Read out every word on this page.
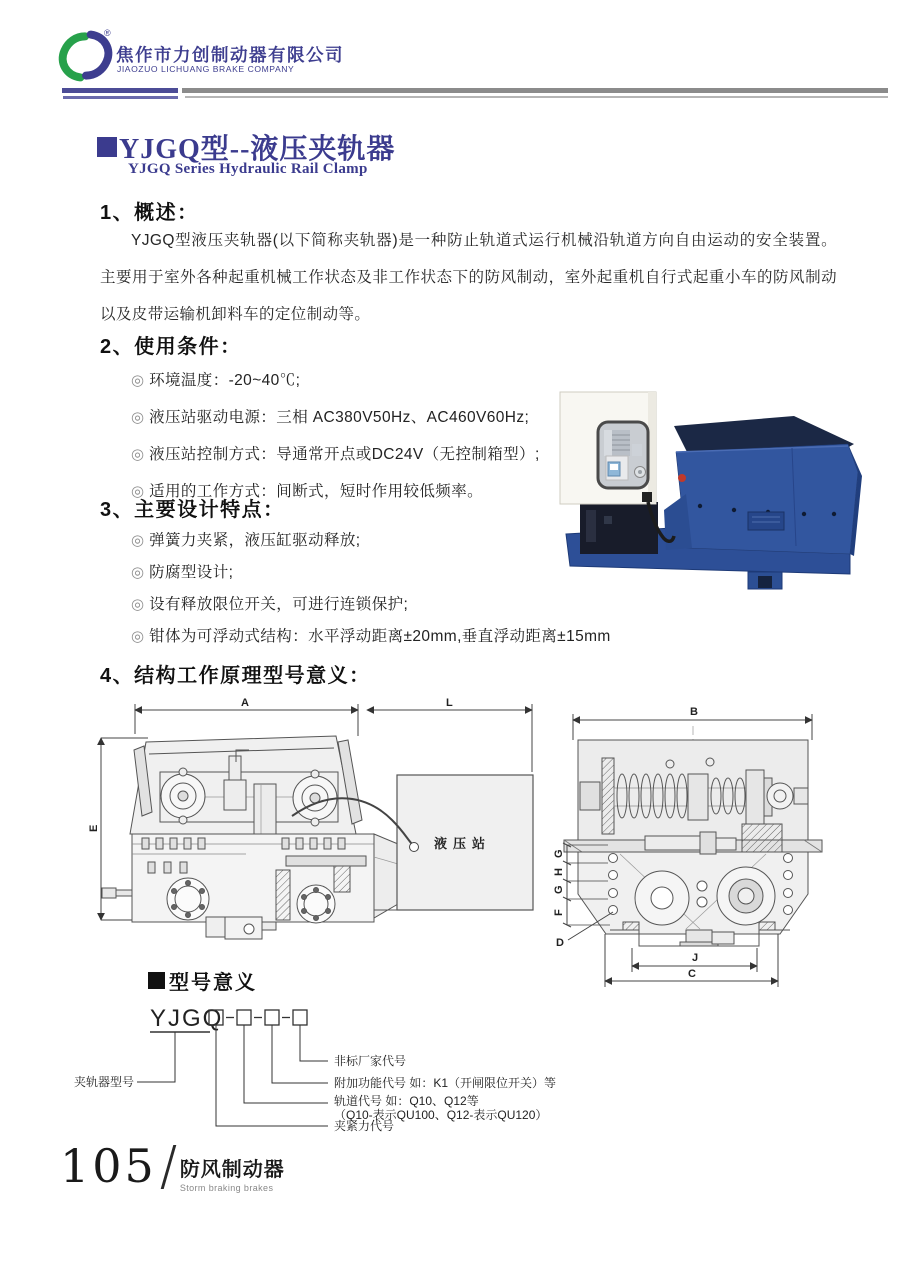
®
焦作市力创制动器有限公司
JIAOZUO LICHUANG BRAKE COMPANY
YJGQ型--液压夹轨器
YJGQ Series Hydraulic Rail Clamp
1、概述：
YJGQ型液压夹轨器(以下简称夹轨器)是一种防止轨道式运行机械沿轨道方向自由运动的安全装置。主要用于室外各种起重机械工作状态及非工作状态下的防风制动，室外起重机自行式起重小车的防风制动以及皮带运输机卸料车的定位制动等。
2、使用条件：
◎ 环境温度：-20~40℃;
◎ 液压站驱动电源：三相 AC380V50Hz、AC460V60Hz;
◎ 液压站控制方式：导通常开点或DC24V（无控制箱型）;
◎ 适用的工作方式：间断式，短时作用较低频率。
3、主要设计特点：
◎ 弹簧力夹紧，液压缸驱动释放;
◎ 防腐型设计;
◎ 设有释放限位开关，可进行连锁保护;
◎ 钳体为可浮动式结构：水平浮动距离±20mm,垂直浮动距离±15mm
4、结构工作原理型号意义：
A	L
E
液压站
B
G
H
G
F
D
J
C
型号意义
YJGQ
夹轨器型号
非标厂家代号
附加功能代号 如：K1（开闸限位开关）等
轨道代号 如：Q10、Q12等
（Q10-表示QU100、Q12-表示QU120）
夹紧力代号
105 防风制动器
Storm braking brakes
